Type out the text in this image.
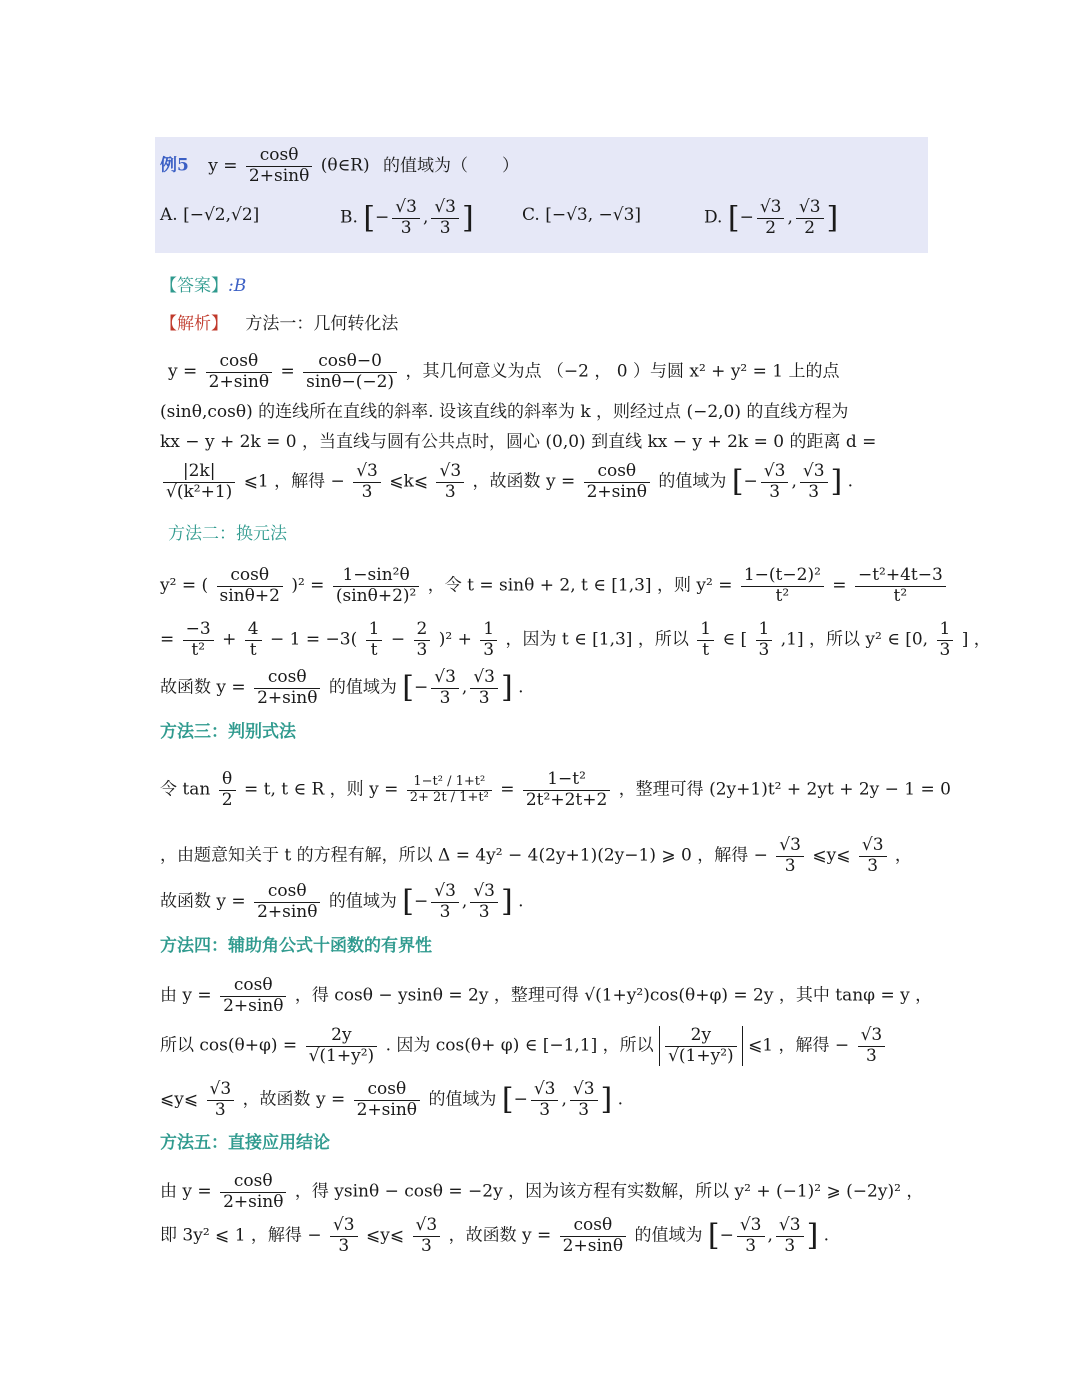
例5 $y = \frac{\cos\theta}{2+\sin\theta}$ (θ∈R) 的值域为（　　）
A. [−√2,√2]	B. [− $\frac{√3}{3}$ , $\frac{√3}{3}$ ]	C. [−√3, −√3]	D. [− $\frac{√3}{2}$ , $\frac{√3}{2}$ ]
【答案】:B
【解析】 方法一：几何转化法
$y = \frac{\cos\theta}{2+\sin\theta} = \frac{\cos\theta-0}{\sin\theta-(-2)}$ ，其几何意义为点 （−2 ， 0 ）与圆 x² + y² = 1 上的点
(sinθ,cosθ) 的连线所在直线的斜率. 设该直线的斜率为 k ，则经过点 (−2,0) 的直线方程为
kx − y + 2k = 0 ，当直线与圆有公共点时，圆心 (0,0) 到直线 kx − y + 2k = 0 的距离 d =
$\frac{|2k|}{\text{√(k²+1)}}$ ⩽1 ，解得 − $\frac{√3}{3}$ ⩽k⩽ $\frac{√3}{3}$ ，故函数 $y = \frac{\cos\theta}{2+\sin\theta}$ 的值域为 [− $\frac{√3}{3}$ , $\frac{√3}{3}$ ] .
方法二：换元法
y² = ( $\frac{\cos\theta}{\sin\theta+2} )^2 = \frac{\text{1−sin²θ}}{\text{(sinθ+2)²}}$ ，令 t = sinθ + 2, t ∈ [1,3] ，则 $y^2 = \frac{\text{1−(t−2)²}}{\text{t²}} = \frac{\text{−t²+4t−3}}{\text{t²}}$
= $\frac{-3}{\text{t²}} + \frac{4}{t} - 1 = -3( \frac{1}{t} - \frac{2}{3} )^2 + \frac{1}{3}$ ，因为 t ∈ [1,3] ，所以 $\frac{1}{t}$ ∈ [ $\frac{1}{3} ,1$] ，所以 y² ∈ [0, $\frac{1}{3}$ ] ，
故函数 $y = \frac{\cos\theta}{2+\sin\theta}$ 的值域为 [− $\frac{√3}{3}$ , $\frac{√3}{3}$ ] .
方法三：判别式法
令 $\tan \frac{\theta}{2} = t$, t ∈ R ，则 $y = \frac{\text{1−t² / 1+t²}}{\text{2+ 2t / 1+t²}} = \frac{\text{1−t²}}{\text{2t²+2t+2}}$ ，整理可得 (2y+1)t² + 2yt + 2y − 1 = 0
，由题意知关于 t 的方程有解，所以 Δ = 4y² − 4(2y+1)(2y−1) ⩾ 0 ，解得 − $\frac{√3}{3}$ ⩽y⩽ $\frac{√3}{3}$ ，
故函数 $y = \frac{\cos\theta}{2+\sin\theta}$ 的值域为 [− $\frac{√3}{3}$ , $\frac{√3}{3}$ ] .
方法四：辅助角公式十函数的有界性
由 $y = \frac{\cos\theta}{2+\sin\theta}$ ，得 cosθ − ysinθ = 2y ，整理可得 √(1+y²)cos(θ+φ) = 2y ，其中 tanφ = y ，
所以 $\cos(\theta+\varphi) = \frac{2y}{\text{√(1+y²)}}$ . 因为 cos(θ+ φ) ∈ [−1,1] ，所以 $\frac{2y}{\text{√(1+y²)}}$ ⩽1 ，解得 − $\frac{√3}{3}$
⩽y⩽ $\frac{√3}{3}$ ，故函数 $y = \frac{\cos\theta}{2+\sin\theta}$ 的值域为 [− $\frac{√3}{3}$ , $\frac{√3}{3}$ ] .
方法五：直接应用结论
由 $y = \frac{\cos\theta}{2+\sin\theta}$ ，得 ysinθ − cosθ = −2y ，因为该方程有实数解，所以 y² + (−1)² ⩾ (−2y)² ，
即 3y² ⩽ 1 ，解得 − $\frac{√3}{3}$ ⩽y⩽ $\frac{√3}{3}$ ，故函数 $y = \frac{\cos\theta}{2+\sin\theta}$ 的值域为 [− $\frac{√3}{3}$ , $\frac{√3}{3}$ ] .
